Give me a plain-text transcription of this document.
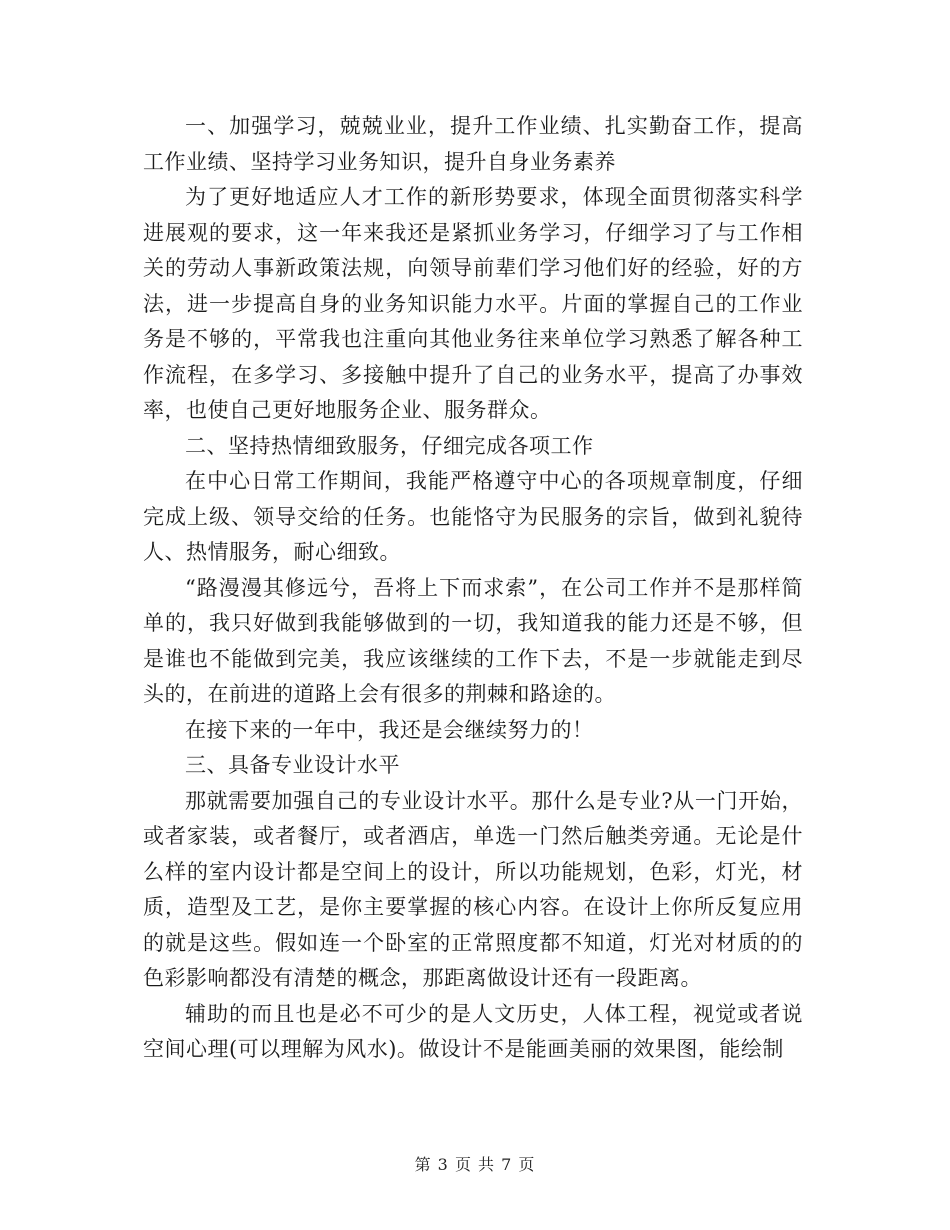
一、加强学习，兢兢业业，提升工作业绩、扎实勤奋工作，提高工作业绩、坚持学习业务知识，提升自身业务素养

为了更好地适应人才工作的新形势要求，体现全面贯彻落实科学进展观的要求，这一年来我还是紧抓业务学习，仔细学习了与工作相关的劳动人事新政策法规，向领导前辈们学习他们好的经验，好的方法，进一步提高自身的业务知识能力水平。片面的掌握自己的工作业务是不够的，平常我也注重向其他业务往来单位学习熟悉了解各种工作流程，在多学习、多接触中提升了自己的业务水平，提高了办事效率，也使自己更好地服务企业、服务群众。

二、坚持热情细致服务，仔细完成各项工作

在中心日常工作期间，我能严格遵守中心的各项规章制度，仔细完成上级、领导交给的任务。也能恪守为民服务的宗旨，做到礼貌待人、热情服务，耐心细致。

“路漫漫其修远兮，吾将上下而求索”，在公司工作并不是那样简单的，我只好做到我能够做到的一切，我知道我的能力还是不够，但是谁也不能做到完美，我应该继续的工作下去，不是一步就能走到尽头的，在前进的道路上会有很多的荆棘和路途的。

在接下来的一年中，我还是会继续努力的！

三、具备专业设计水平

那就需要加强自己的专业设计水平。那什么是专业?从一门开始，或者家装，或者餐厅，或者酒店，单选一门然后触类旁通。无论是什么样的室内设计都是空间上的设计，所以功能规划，色彩，灯光，材质，造型及工艺，是你主要掌握的核心内容。在设计上你所反复应用的就是这些。假如连一个卧室的正常照度都不知道，灯光对材质的的色彩影响都没有清楚的概念，那距离做设计还有一段距离。

辅助的而且也是必不可少的是人文历史，人体工程，视觉或者说空间心理(可以理解为风水)。做设计不是能画美丽的效果图，能绘制

第 3 页 共 7 页
